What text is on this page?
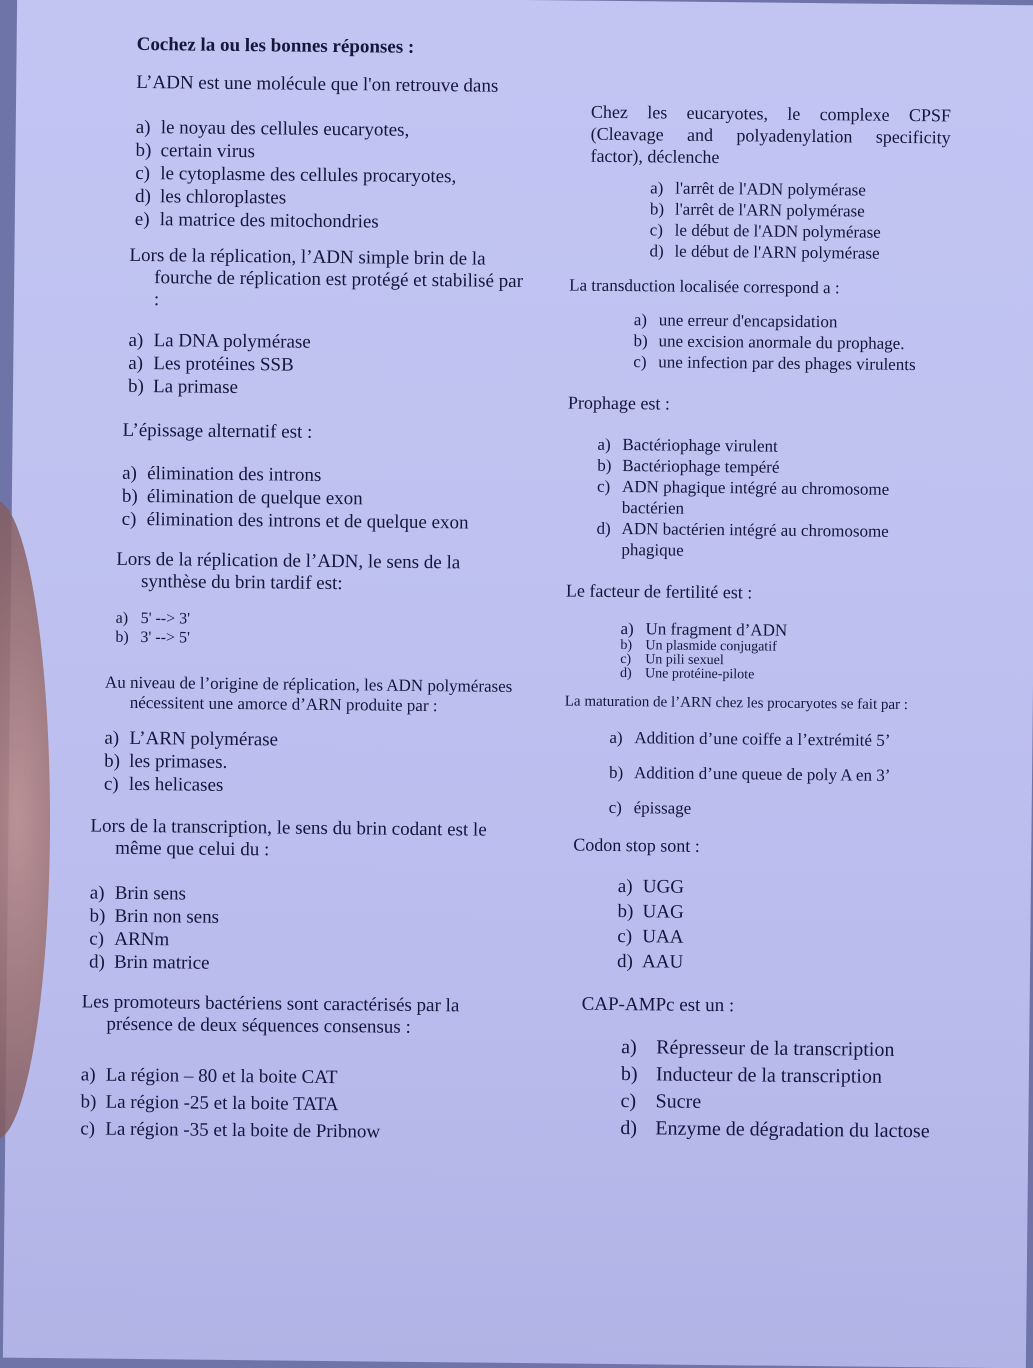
Cochez la ou les bonnes réponses :

L’ADN est une molécule que l'on retrouve dans

a) le noyau des cellules eucaryotes,
b) certain virus
c) le cytoplasme des cellules procaryotes,
d) les chloroplastes
e) la matrice des mitochondries

Lors de la réplication, l’ADN simple brin de la fourche de réplication est protégé et stabilisé par :

a) La DNA polymérase
a) Les protéines SSB
b) La primase

L’épissage alternatif est :

a) élimination des introns
b) élimination de quelque exon
c) élimination des introns et de quelque exon

Lors de la réplication de l’ADN, le sens de la synthèse du brin tardif est:

a) 5' --> 3'
b) 3' --> 5'

Au niveau de l’origine de réplication, les ADN polymérases nécessitent une amorce d’ARN produite par :

a) L’ARN polymérase
b) les primases.
c) les helicases

Lors de la transcription, le sens du brin codant est le même que celui du :

a) Brin sens
b) Brin non sens
c) ARNm
d) Brin matrice

Les promoteurs bactériens sont caractérisés par la présence de deux séquences consensus :

a) La région – 80 et la boite CAT
b) La région -25 et la boite TATA
c) La région -35 et la boite de Pribnow

Chez les eucaryotes, le complexe CPSF (Cleavage and polyadenylation specificity factor), déclenche

a) l'arrêt de l'ADN polymérase
b) l'arrêt de l'ARN polymérase
c) le début de l'ADN polymérase
d) le début de l'ARN polymérase

La transduction localisée correspond a :

a) une erreur d'encapsidation
b) une excision anormale du prophage.
c) une infection par des phages virulents

Prophage est :

a) Bactériophage virulent
b) Bactériophage tempéré
c) ADN phagique intégré au chromosome bactérien
d) ADN bactérien intégré au chromosome phagique

Le facteur de fertilité est :

a) Un fragment d’ADN
b) Un plasmide conjugatif
c) Un pili sexuel
d) Une protéine-pilote

La maturation de l’ARN chez les procaryotes se fait par :

a) Addition d’une coiffe a l’extrémité 5’
b) Addition d’une queue de poly A en 3’
c) épissage

Codon stop sont :

a) UGG
b) UAG
c) UAA
d) AAU

CAP-AMPc est un :

a) Répresseur de la transcription
b) Inducteur de la transcription
c) Sucre
d) Enzyme de dégradation du lactose
